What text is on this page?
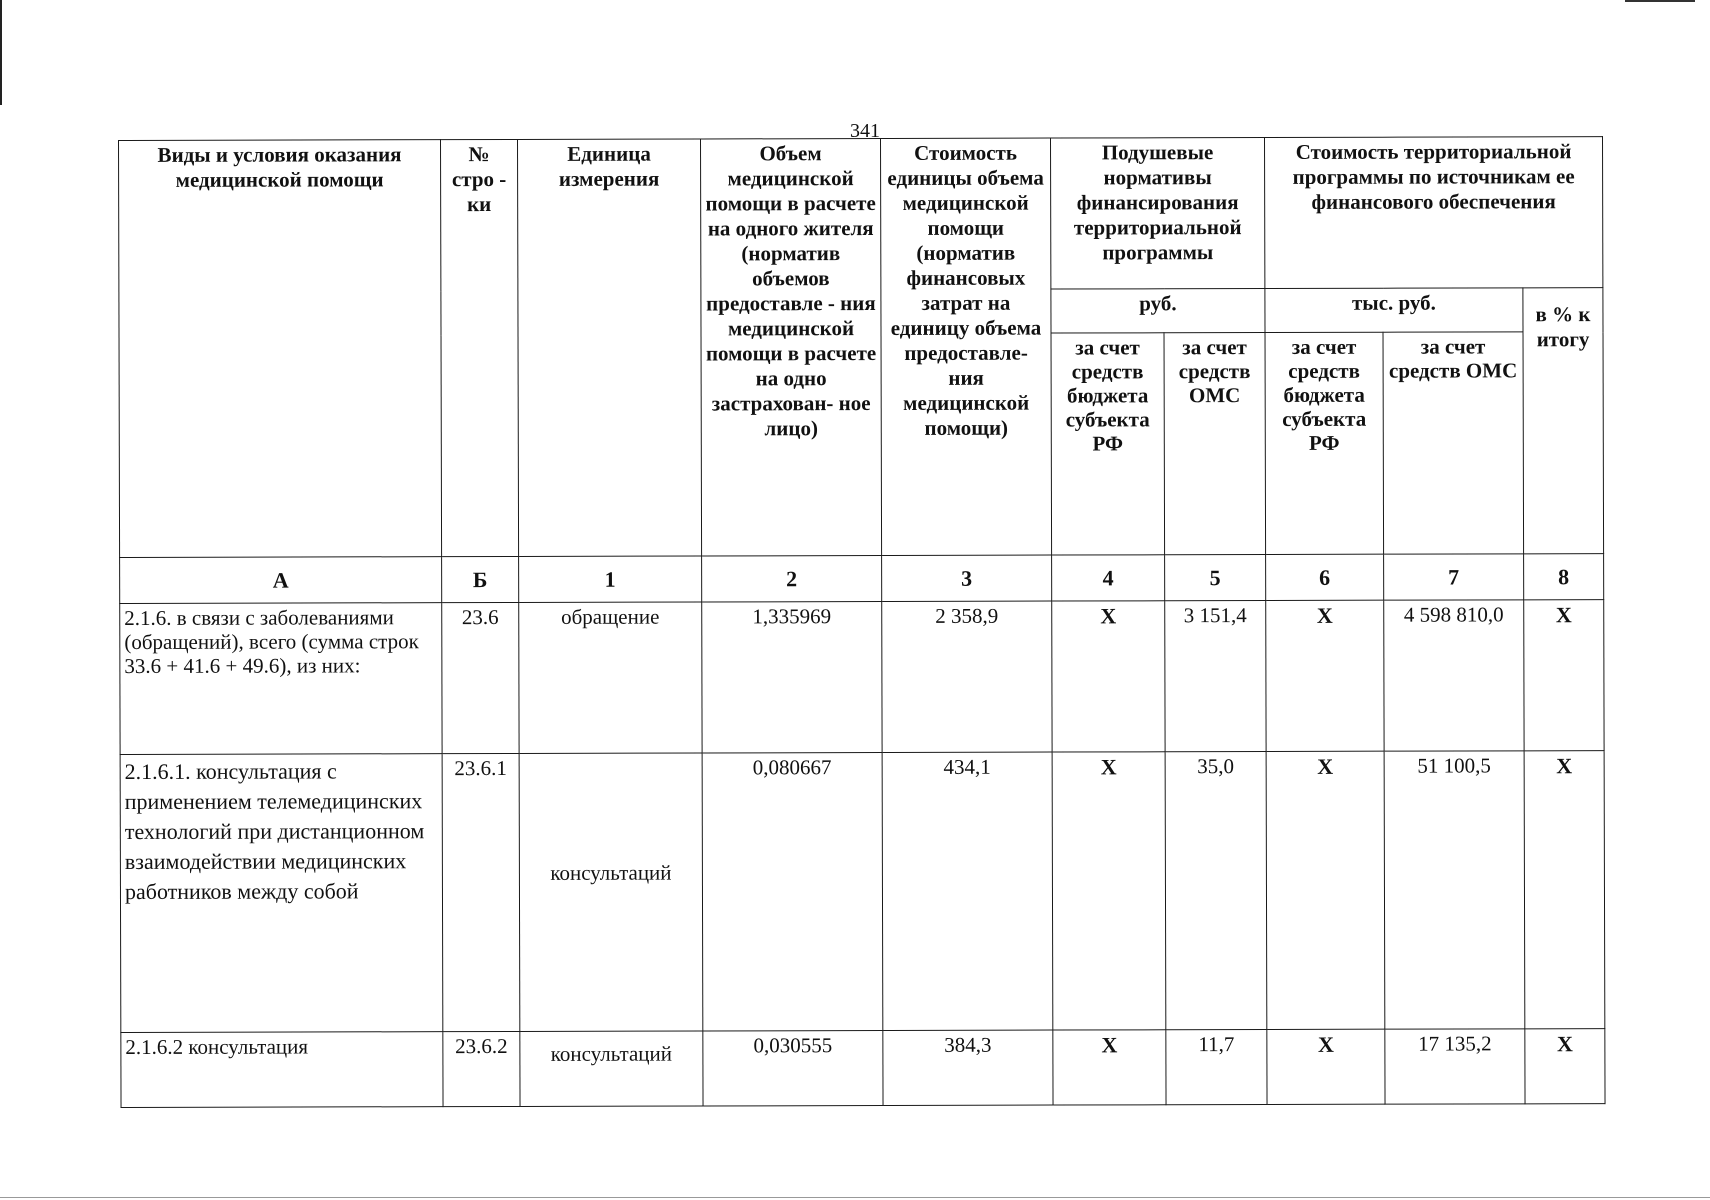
341
Виды и условия оказания медицинской помощи	№ стро - ки	Единица измерения	Объем медицинской помощи в расчете на одного жителя (норматив объемов предоставле - ния медицинской помощи в расчете на одно застрахован- ное лицо)	Стоимость единицы объема медицинской помощи (норматив финансовых затрат на единицу объема предоставле- ния медицинской помощи)	Подушевые нормативы финансирования территориальной программы		Стоимость территориальной программы по источникам ее финансового обеспечения		
					руб.		тыс. руб.		в % к итогу
					за счет средств бюджета субъекта РФ	за счет средств ОМС	за счет средств бюджета субъекта РФ	за счет средств ОМС	
А	Б	1	2	3	4	5	6	7	8
2.1.6. в связи с заболеваниями (обращений), всего (сумма строк 33.6 + 41.6 + 49.6), из них:	23.6	обращение	1,335969	2 358,9	Х	3 151,4	Х	4 598 810,0	Х
2.1.6.1. консультация с применением телемедицинских технологий при дистанционном взаимодействии медицинских работников между собой	23.6.1	консультаций	0,080667	434,1	Х	35,0	Х	51 100,5	Х
2.1.6.2 консультация	23.6.2	консультаций	0,030555	384,3	Х	11,7	Х	17 135,2	Х
